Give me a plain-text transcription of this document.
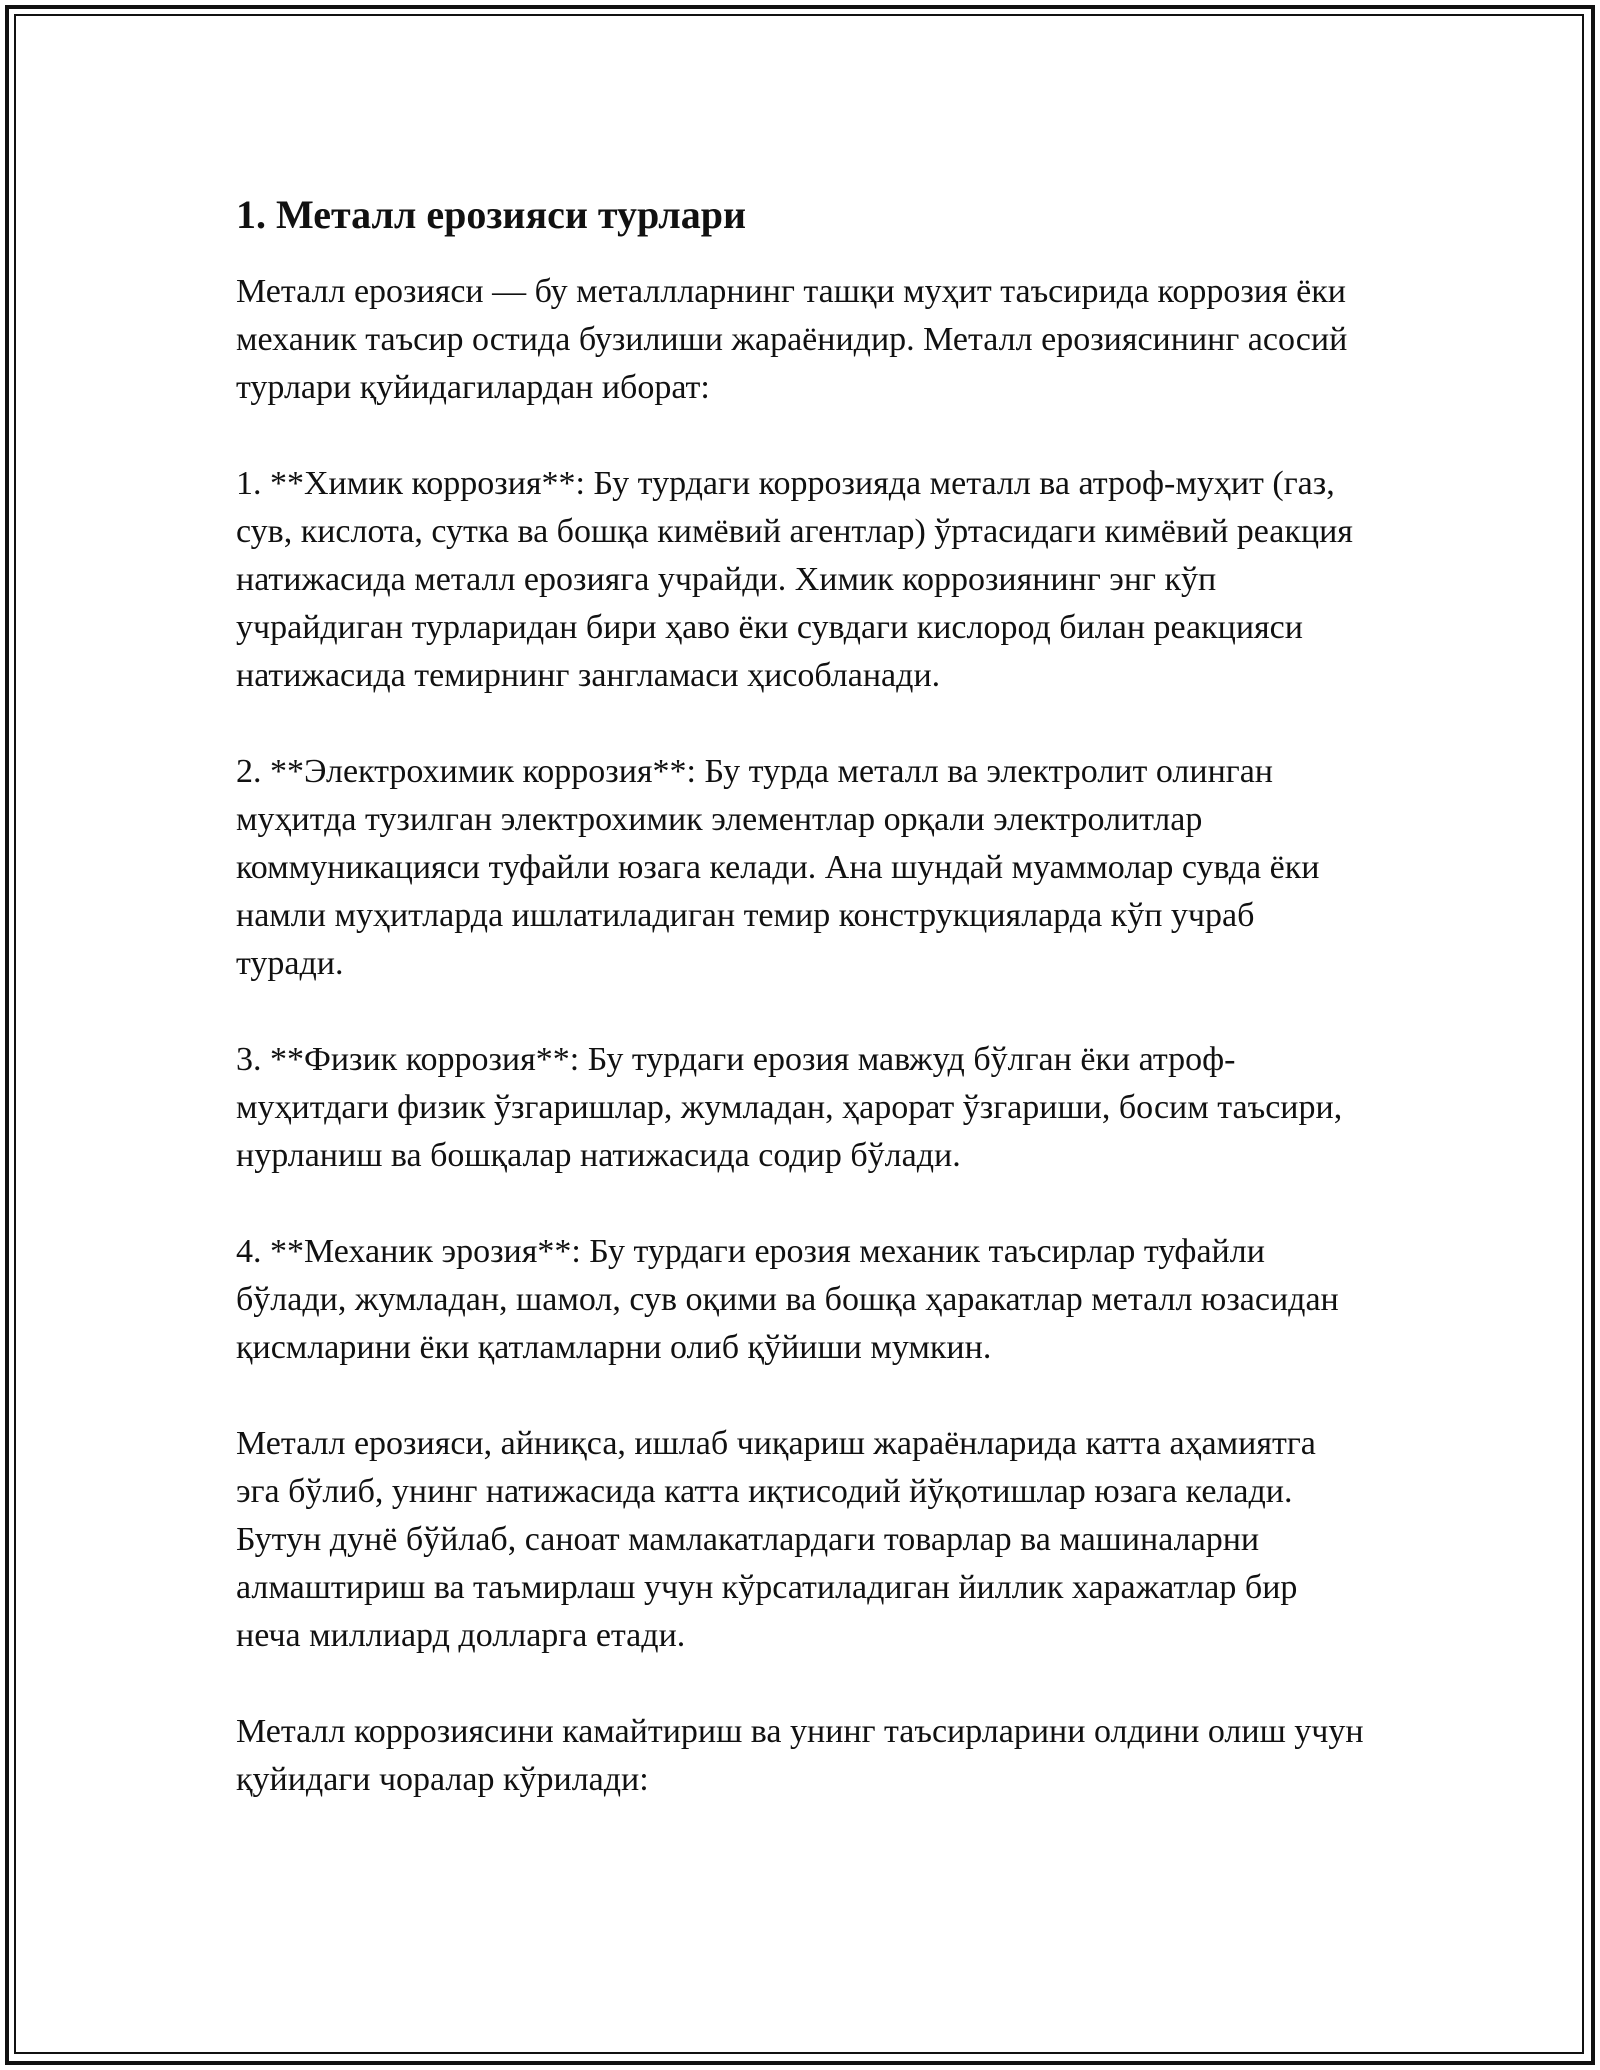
1. Металл ерозияси турлари

Металл ерозияси — бу металлларнинг ташқи муҳит таъсирида коррозия ёки механик таъсир остида бузилиши жараёнидир. Металл ерозиясининг асосий турлари қуйидагилардан иборат:

1. **Химик коррозия**: Бу турдаги коррозияда металл ва атроф-муҳит (газ, сув, кислота, сутка ва бошқа кимёвий агентлар) ўртасидаги кимёвий реакция натижасида металл ерозияга учрайди. Химик коррозиянинг энг кўп учрайдиган турларидан бири ҳаво ёки сувдаги кислород билан реакцияси натижасида темирнинг зангламаси ҳисобланади.

2. **Электрохимик коррозия**: Бу турда металл ва электролит олинган муҳитда тузилган электрохимик элементлар орқали электролитлар коммуникацияси туфайли юзага келади. Ана шундай муаммолар сувда ёки намли муҳитларда ишлатиладиган темир конструкцияларда кўп учраб туради.

3. **Физик коррозия**: Бу турдаги ерозия мавжуд бўлган ёки атроф-муҳитдаги физик ўзгаришлар, жумладан, ҳарорат ўзгариши, босим таъсири, нурланиш ва бошқалар натижасида содир бўлади.

4. **Механик эрозия**: Бу турдаги ерозия механик таъсирлар туфайли бўлади, жумладан, шамол, сув оқими ва бошқа ҳаракатлар металл юзасидан қисмларини ёки қатламларни олиб қўйиши мумкин.

Металл ерозияси, айниқса, ишлаб чиқариш жараёнларида катта аҳамиятга эга бўлиб, унинг натижасида катта иқтисодий йўқотишлар юзага келади. Бутун дунё бўйлаб, саноат мамлакатлардаги товарлар ва машиналарни алмаштириш ва таъмирлаш учун кўрсатиладиган йиллик харажатлар бир неча миллиард долларга етади.

Металл коррозиясини камайтириш ва унинг таъсирларини олдини олиш учун қуйидаги чоралар кўрилади:
